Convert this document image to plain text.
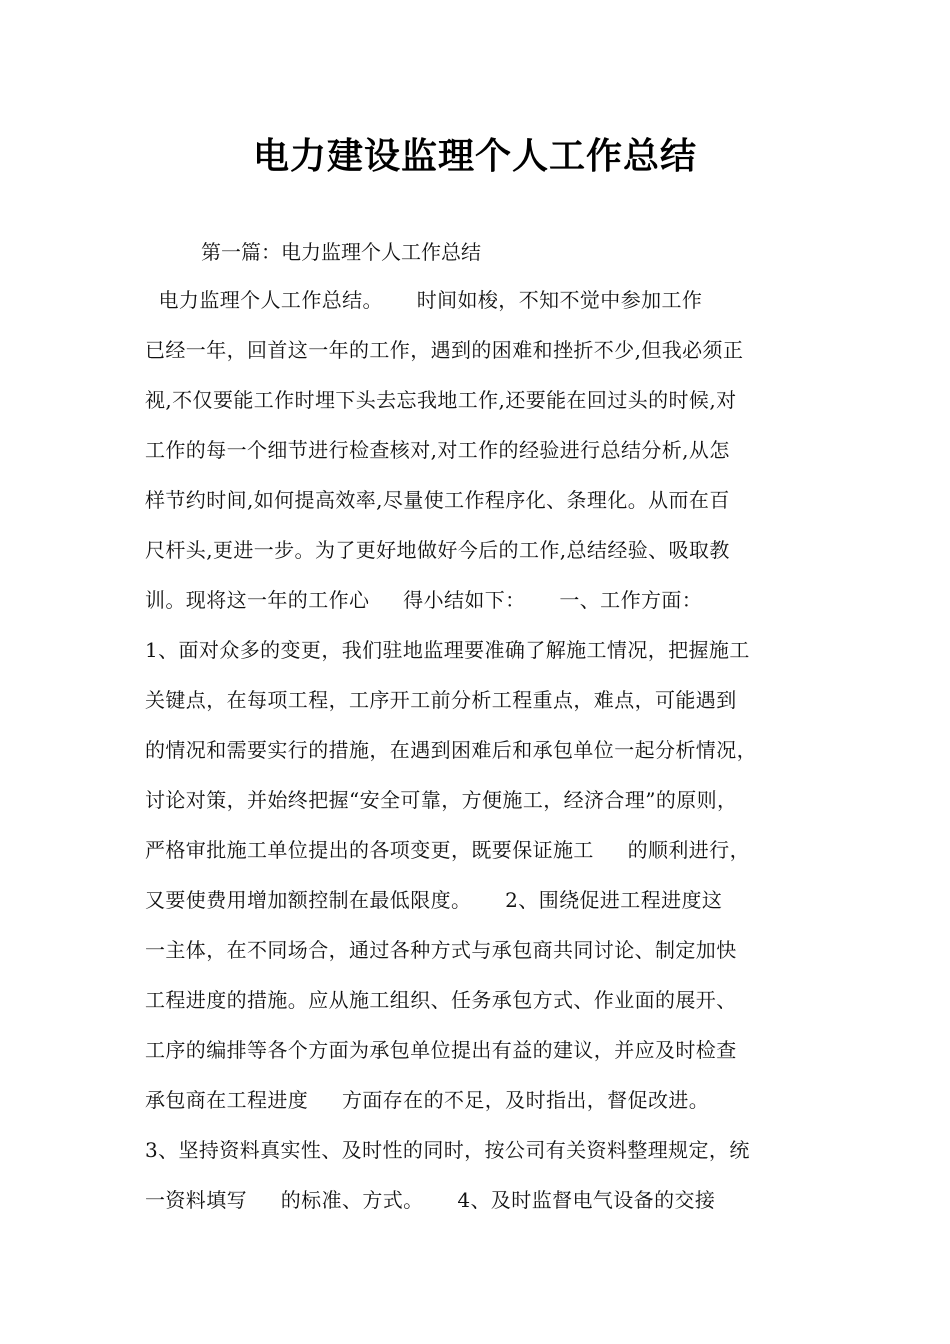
电力建设监理个人工作总结
第一篇：电力监理个人工作总结
电力监理个人工作总结。     时间如梭，不知不觉中参加工作
已经一年，回首这一年的工作，遇到的困难和挫折不少,但我必须正
视,不仅要能工作时埋下头去忘我地工作,还要能在回过头的时候,对
工作的每一个细节进行检查核对,对工作的经验进行总结分析,从怎
样节约时间,如何提高效率,尽量使工作程序化、条理化。从而在百
尺杆头,更进一步。为了更好地做好今后的工作,总结经验、吸取教
训。现将这一年的工作心     得小结如下：     一、工作方面：
1、面对众多的变更，我们驻地监理要准确了解施工情况，把握施工
关键点，在每项工程，工序开工前分析工程重点，难点，可能遇到
的情况和需要实行的措施，在遇到困难后和承包单位一起分析情况，
讨论对策，并始终把握“安全可靠，方便施工，经济合理”的原则，
严格审批施工单位提出的各项变更，既要保证施工     的顺利进行，
又要使费用增加额控制在最低限度。     2、围绕促进工程进度这
一主体，在不同场合，通过各种方式与承包商共同讨论、制定加快
工程进度的措施。应从施工组织、任务承包方式、作业面的展开、
工序的编排等各个方面为承包单位提出有益的建议，并应及时检查
承包商在工程进度     方面存在的不足，及时指出，督促改进。
3、坚持资料真实性、及时性的同时，按公司有关资料整理规定，统
一资料填写     的标准、方式。     4、及时监督电气设备的交接
